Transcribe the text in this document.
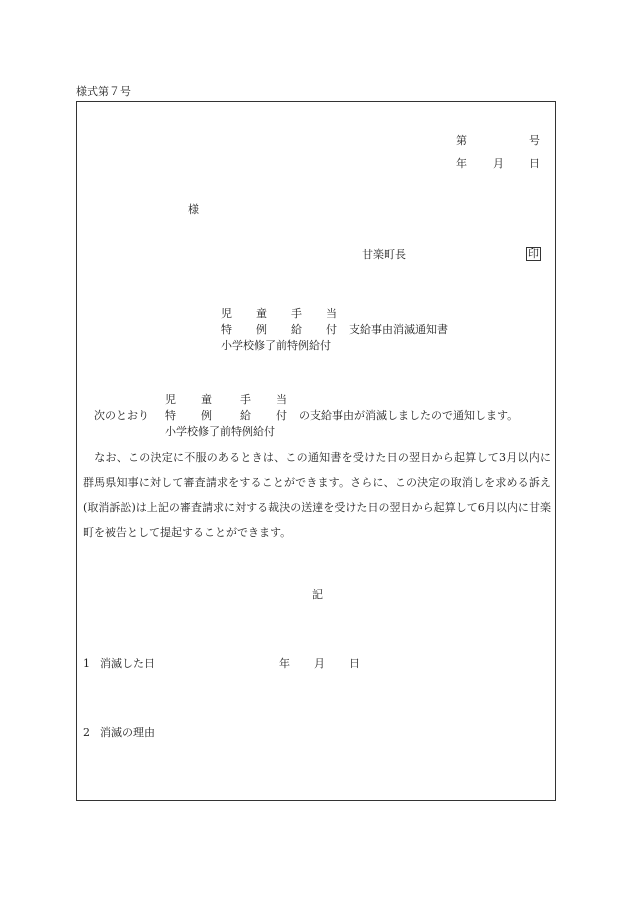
様式第７号
第	号
年 月 日
様
甘楽町長	印
児 童 手 当
特 例 給 付 支給事由消滅通知書
小学校修了前特例給付
児 童	手 当
次のとおり 特 例	給 付 の支給事由が消滅しましたので通知します。
小学校修了前特例給付
　なお、この決定に不服のあるときは、この通知書を受けた日の翌日から起算して3月以内に群馬県知事に対して審査請求をすることができます。さらに、この決定の取消しを求める訴え(取消訴訟)は上記の審査請求に対する裁決の送達を受けた日の翌日から起算して6月以内に甘楽町を被告として提起することができます。
記
1 消滅した日	年 月 日
2 消滅の理由
